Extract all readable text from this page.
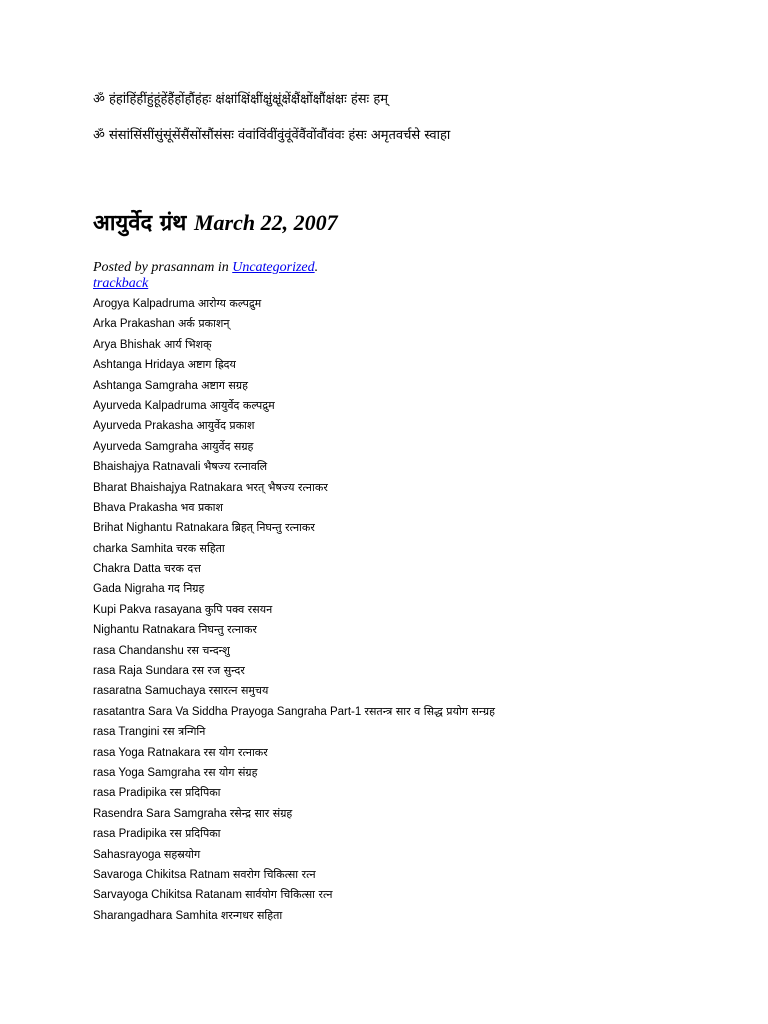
ॐ हंहांहिंहींहुंहूंहेंहैंहोंहौंहंहः क्षंक्षांक्षिंक्षींक्षुंक्षूंक्षेंक्षैंक्षोंक्षौंक्षंक्षः हंसः हम्
ॐ संसांसिंसींसुंसूंसेंसैंसोंसौंसंसः वंवांविंवींवुंवूंवेंवैंवोंवौंवंवः हंसः अमृतवर्चसे स्वाहा
आयुर्वेद ग्रंथ March 22, 2007
Posted by prasannam in Uncategorized.
trackback
Arogya Kalpadruma आरोग्य कल्पद्रुम
Arka Prakashan अर्क प्रकाशन्
Arya Bhishak आर्य भिशक्
Ashtanga Hridaya अष्टाग ह्रिदय
Ashtanga Samgraha अष्टाग सग्रह
Ayurveda Kalpadruma आयुर्वेद कल्पद्रुम
Ayurveda Prakasha आयुर्वेद प्रकाश
Ayurveda Samgraha आयुर्वेद सग्रह
Bhaishajya Ratnavali भैषज्य रत्नावलि
Bharat Bhaishajya Ratnakara भरत् भैषज्य रत्नाकर
Bhava Prakasha भव प्रकाश
Brihat Nighantu Ratnakara ब्रिहत् निघन्तु रत्नाकर
charka Samhita चरक सहिता
Chakra Datta चरक दत्त
Gada Nigraha गद निग्रह
Kupi Pakva rasayana कुपि पक्व रसयन
Nighantu Ratnakara निघन्तु रत्नाकर
rasa Chandanshu रस चन्दन्शु
rasa Raja Sundara रस रज सुन्दर
rasaratna Samuchaya रसारत्न समुचय
rasatantra Sara Va Siddha Prayoga Sangraha Part-1 रसतन्त्र सार व सिद्ध प्रयोग सन्ग्रह
rasa Trangini रस त्रन्गिनि
rasa Yoga Ratnakara रस योग रत्नाकर
rasa Yoga Samgraha रस योग संग्रह
rasa Pradipika रस प्रदिपिका
Rasendra Sara Samgraha रसेन्द्र सार संग्रह
rasa Pradipika रस प्रदिपिका
Sahasrayoga सहस्रयोग
Savaroga Chikitsa Ratnam सवरोग चिकित्सा रत्न
Sarvayoga Chikitsa Ratanam सार्वयोग चिकित्सा रत्न
Sharangadhara Samhita शरन्गधर सहिता
